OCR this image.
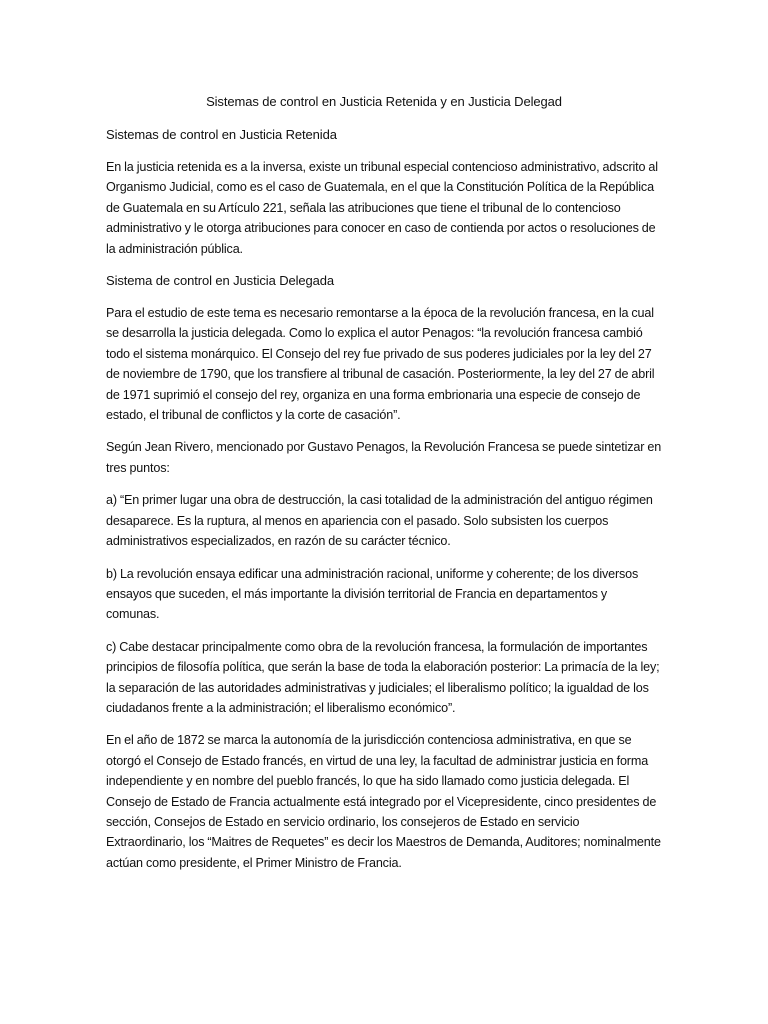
Sistemas de control en Justicia Retenida y en Justicia Delegad

Sistemas de control en Justicia Retenida

En la justicia retenida es a la inversa, existe un tribunal especial contencioso administrativo, adscrito al Organismo Judicial, como es el caso de Guatemala, en el que la Constitución Política de la República de Guatemala en su Artículo 221, señala las atribuciones que tiene el tribunal de lo contencioso administrativo y le otorga atribuciones para conocer en caso de contienda por actos o resoluciones de la administración pública.

Sistema de control en Justicia Delegada

Para el estudio de este tema es necesario remontarse a la época de la revolución francesa, en la cual se desarrolla la justicia delegada. Como lo explica el autor Penagos: “la revolución francesa cambió todo el sistema monárquico. El Consejo del rey fue privado de sus poderes judiciales por la ley del 27 de noviembre de 1790, que los transfiere al tribunal de casación. Posteriormente, la ley del 27 de abril de 1971 suprimió el consejo del rey, organiza en una forma embrionaria una especie de consejo de estado, el tribunal de conflictos y la corte de casación”.

Según Jean Rivero, mencionado por Gustavo Penagos, la Revolución Francesa se puede sintetizar en tres puntos:

a) “En primer lugar una obra de destrucción, la casi totalidad de la administración del antiguo régimen desaparece. Es la ruptura, al menos en apariencia con el pasado. Solo subsisten los cuerpos administrativos especializados, en razón de su carácter técnico.

b) La revolución ensaya edificar una administración racional, uniforme y coherente; de los diversos ensayos que suceden, el más importante la división territorial de Francia en departamentos y comunas.

c) Cabe destacar principalmente como obra de la revolución francesa, la formulación de importantes principios de filosofía política, que serán la base de toda la elaboración posterior: La primacía de la ley; la separación de las autoridades administrativas y judiciales; el liberalismo político; la igualdad de los ciudadanos frente a la administración; el liberalismo económico”.

En el año de 1872 se marca la autonomía de la jurisdicción contenciosa administrativa, en que se otorgó el Consejo de Estado francés, en virtud de una ley, la facultad de administrar justicia en forma independiente y en nombre del pueblo francés, lo que ha sido llamado como justicia delegada. El Consejo de Estado de Francia actualmente está integrado por el Vicepresidente, cinco presidentes de sección, Consejos de Estado en servicio ordinario, los consejeros de Estado en servicio Extraordinario, los “Maitres de Requetes” es decir los Maestros de Demanda, Auditores; nominalmente actúan como presidente, el Primer Ministro de Francia.
